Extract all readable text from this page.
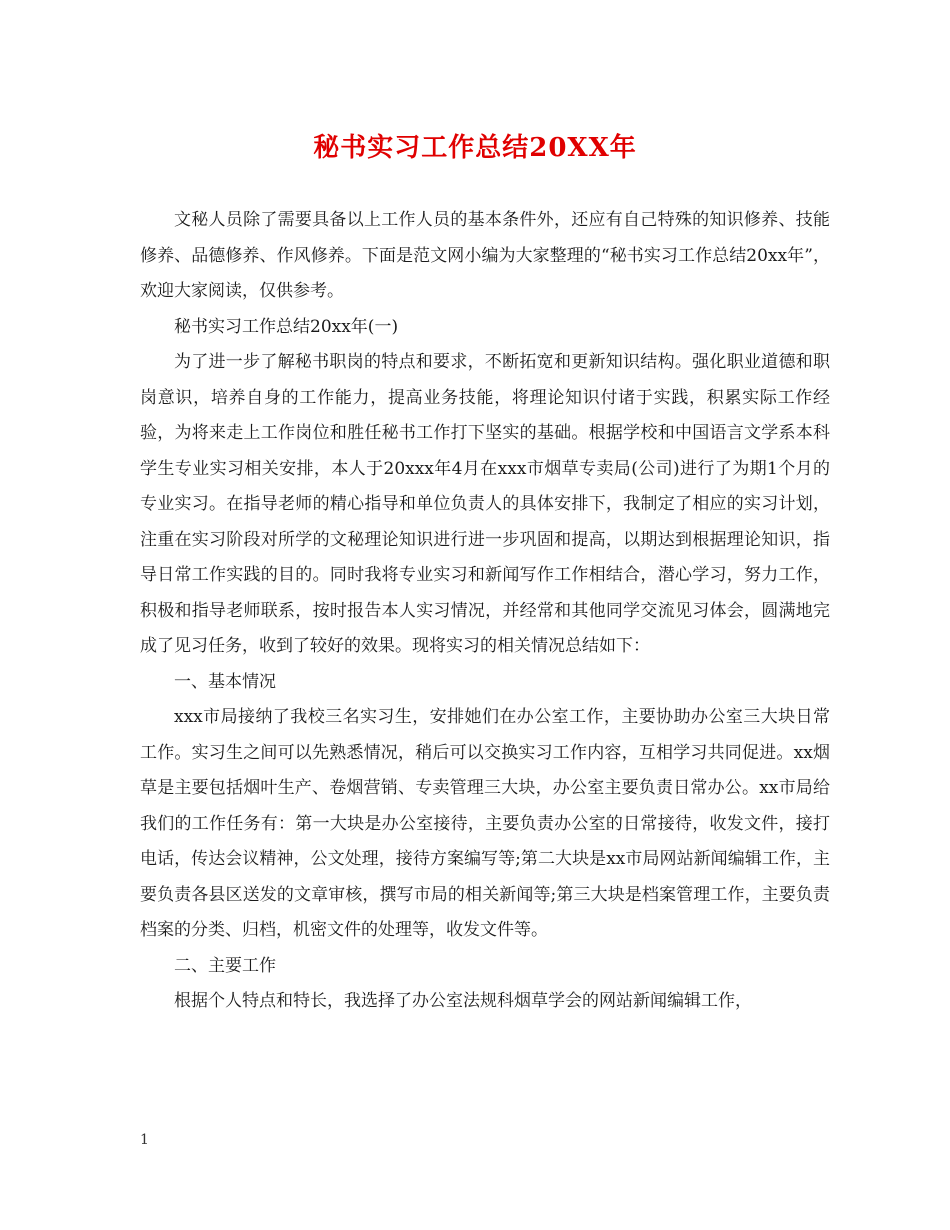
秘书实习工作总结20XX年

文秘人员除了需要具备以上工作人员的基本条件外，还应有自己特殊的知识修养、技能修养、品德修养、作风修养。下面是范文网小编为大家整理的“秘书实习工作总结20xx年”，欢迎大家阅读，仅供参考。

秘书实习工作总结20xx年(一)

为了进一步了解秘书职岗的特点和要求，不断拓宽和更新知识结构。强化职业道德和职岗意识，培养自身的工作能力，提高业务技能，将理论知识付诸于实践，积累实际工作经验，为将来走上工作岗位和胜任秘书工作打下坚实的基础。根据学校和中国语言文学系本科学生专业实习相关安排，本人于20xxx年4月在xxx市烟草专卖局(公司)进行了为期1个月的专业实习。在指导老师的精心指导和单位负责人的具体安排下，我制定了相应的实习计划，注重在实习阶段对所学的文秘理论知识进行进一步巩固和提高，以期达到根据理论知识，指导日常工作实践的目的。同时我将专业实习和新闻写作工作相结合，潜心学习，努力工作，积极和指导老师联系，按时报告本人实习情况，并经常和其他同学交流见习体会，圆满地完成了见习任务，收到了较好的效果。现将实习的相关情况总结如下：

一、基本情况

xxx市局接纳了我校三名实习生，安排她们在办公室工作，主要协助办公室三大块日常工作。实习生之间可以先熟悉情况，稍后可以交换实习工作内容，互相学习共同促进。xx烟草是主要包括烟叶生产、卷烟营销、专卖管理三大块，办公室主要负责日常办公。xx市局给我们的工作任务有：第一大块是办公室接待，主要负责办公室的日常接待，收发文件，接打电话，传达会议精神，公文处理，接待方案编写等;第二大块是xx市局网站新闻编辑工作，主要负责各县区送发的文章审核，撰写市局的相关新闻等;第三大块是档案管理工作，主要负责档案的分类、归档，机密文件的处理等，收发文件等。

二、主要工作

根据个人特点和特长，我选择了办公室法规科烟草学会的网站新闻编辑工作，

1
